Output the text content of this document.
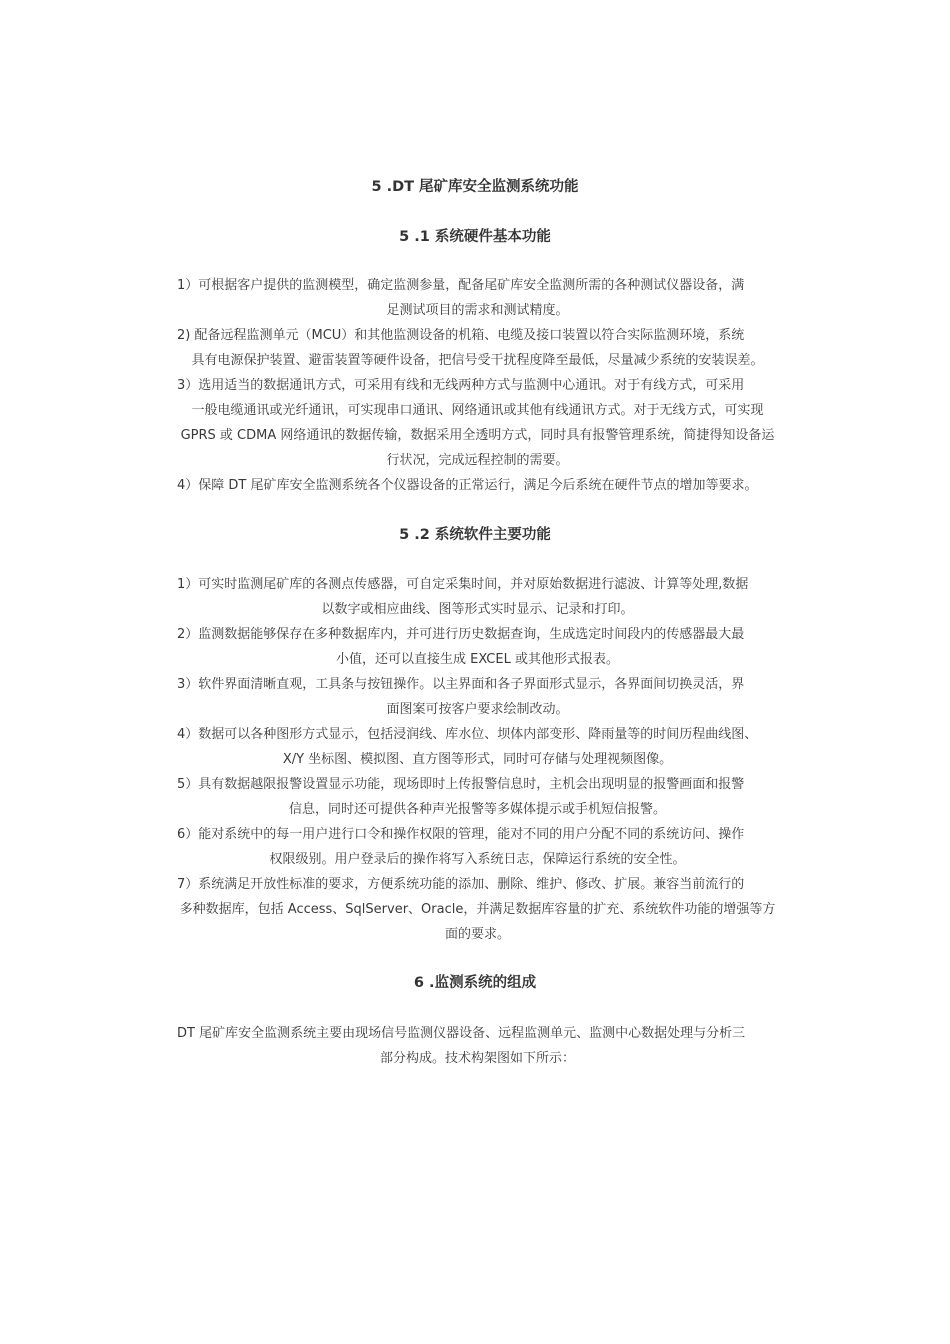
5 .DT 尾矿库安全监测系统功能
5 .1 系统硬件基本功能
1）可根据客户提供的监测模型，确定监测参量，配备尾矿库安全监测所需的各种测试仪器设备，满
足测试项目的需求和测试精度。
2) 配备远程监测单元（MCU）和其他监测设备的机箱、电缆及接口装置以符合实际监测环境，系统
具有电源保护装置、避雷装置等硬件设备，把信号受干扰程度降至最低，尽量减少系统的安装误差。
3）选用适当的数据通讯方式，可采用有线和无线两种方式与监测中心通讯。对于有线方式，可采用
一般电缆通讯或光纤通讯，可实现串口通讯、网络通讯或其他有线通讯方式。对于无线方式，可实现
GPRS 或 CDMA 网络通讯的数据传输，数据采用全透明方式，同时具有报警管理系统，简捷得知设备运
行状况，完成远程控制的需要。
4）保障 DT 尾矿库安全监测系统各个仪器设备的正常运行，满足今后系统在硬件节点的增加等要求。
5 .2 系统软件主要功能
1）可实时监测尾矿库的各测点传感器，可自定采集时间，并对原始数据进行滤波、计算等处理,数据
以数字或相应曲线、图等形式实时显示、记录和打印。
2）监测数据能够保存在多种数据库内，并可进行历史数据查询，生成选定时间段内的传感器最大最
小值，还可以直接生成 EXCEL 或其他形式报表。
3）软件界面清晰直观，工具条与按钮操作。以主界面和各子界面形式显示，各界面间切换灵活，界
面图案可按客户要求绘制改动。
4）数据可以各种图形方式显示，包括浸润线、库水位、坝体内部变形、降雨量等的时间历程曲线图、
X/Y 坐标图、模拟图、直方图等形式，同时可存储与处理视频图像。
5）具有数据越限报警设置显示功能，现场即时上传报警信息时，主机会出现明显的报警画面和报警
信息，同时还可提供各种声光报警等多媒体提示或手机短信报警。
6）能对系统中的每一用户进行口令和操作权限的管理，能对不同的用户分配不同的系统访问、操作
权限级别。用户登录后的操作将写入系统日志，保障运行系统的安全性。
7）系统满足开放性标准的要求，方便系统功能的添加、删除、维护、修改、扩展。兼容当前流行的
多种数据库，包括 Access、SqlServer、Oracle，并满足数据库容量的扩充、系统软件功能的增强等方
面的要求。
6 .监测系统的组成
DT 尾矿库安全监测系统主要由现场信号监测仪器设备、远程监测单元、监测中心数据处理与分析三
部分构成。技术构架图如下所示：
